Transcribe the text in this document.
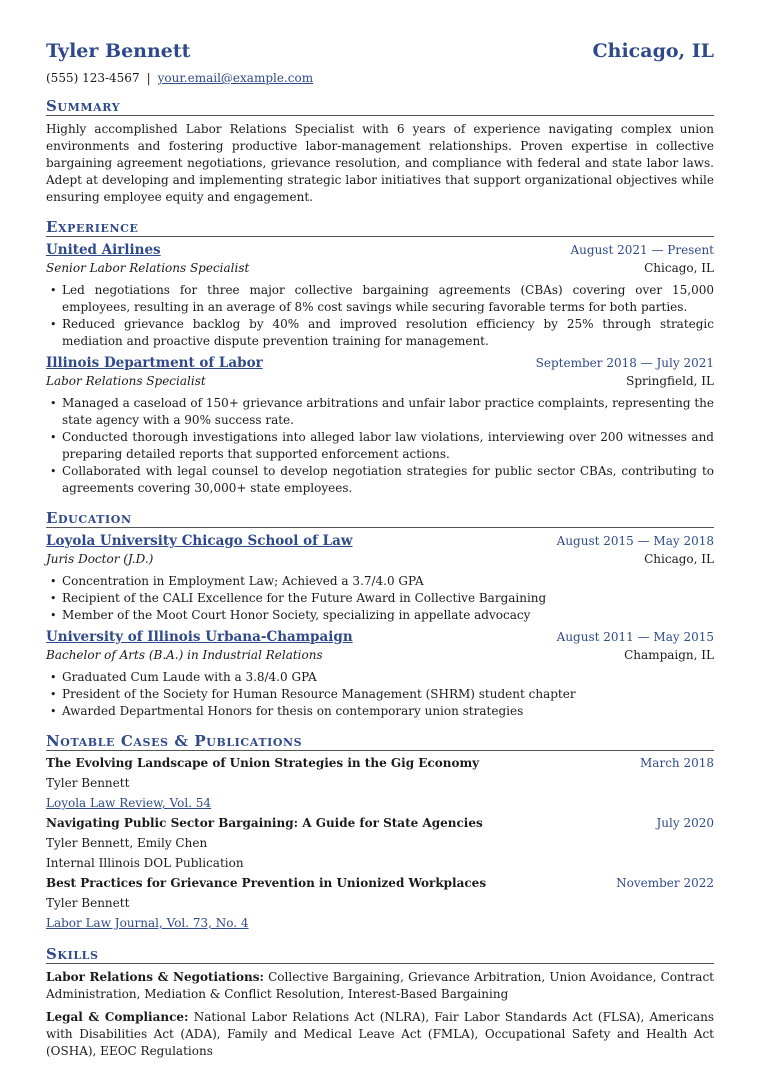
Tyler Bennett	Chicago, IL
(555) 123-4567 | your.email@example.com
Summary
Highly accomplished Labor Relations Specialist with 6 years of experience navigating complex union environments and fostering productive labor-management relationships. Proven expertise in collective bargaining agreement negotiations, grievance resolution, and compliance with federal and state labor laws. Adept at developing and implementing strategic labor initiatives that support organizational objectives while ensuring employee equity and engagement.
Experience
United Airlines	August 2021 — Present
Senior Labor Relations Specialist	Chicago, IL
• Led negotiations for three major collective bargaining agreements (CBAs) covering over 15,000 employees, resulting in an average of 8% cost savings while securing favorable terms for both parties.
• Reduced grievance backlog by 40% and improved resolution efficiency by 25% through strategic mediation and proactive dispute prevention training for management.
Illinois Department of Labor	September 2018 — July 2021
Labor Relations Specialist	Springfield, IL
• Managed a caseload of 150+ grievance arbitrations and unfair labor practice complaints, representing the state agency with a 90% success rate.
• Conducted thorough investigations into alleged labor law violations, interviewing over 200 witnesses and preparing detailed reports that supported enforcement actions.
• Collaborated with legal counsel to develop negotiation strategies for public sector CBAs, contributing to agreements covering 30,000+ state employees.
Education
Loyola University Chicago School of Law	August 2015 — May 2018
Juris Doctor (J.D.)	Chicago, IL
• Concentration in Employment Law; Achieved a 3.7/4.0 GPA
• Recipient of the CALI Excellence for the Future Award in Collective Bargaining
• Member of the Moot Court Honor Society, specializing in appellate advocacy
University of Illinois Urbana-Champaign	August 2011 — May 2015
Bachelor of Arts (B.A.) in Industrial Relations	Champaign, IL
• Graduated Cum Laude with a 3.8/4.0 GPA
• President of the Society for Human Resource Management (SHRM) student chapter
• Awarded Departmental Honors for thesis on contemporary union strategies
Notable Cases & Publications
The Evolving Landscape of Union Strategies in the Gig Economy	March 2018
Tyler Bennett
Loyola Law Review, Vol. 54
Navigating Public Sector Bargaining: A Guide for State Agencies	July 2020
Tyler Bennett, Emily Chen
Internal Illinois DOL Publication
Best Practices for Grievance Prevention in Unionized Workplaces	November 2022
Tyler Bennett
Labor Law Journal, Vol. 73, No. 4
Skills
Labor Relations & Negotiations: Collective Bargaining, Grievance Arbitration, Union Avoidance, Contract Administration, Mediation & Conflict Resolution, Interest-Based Bargaining
Legal & Compliance: National Labor Relations Act (NLRA), Fair Labor Standards Act (FLSA), Americans with Disabilities Act (ADA), Family and Medical Leave Act (FMLA), Occupational Safety and Health Act (OSHA), EEOC Regulations
